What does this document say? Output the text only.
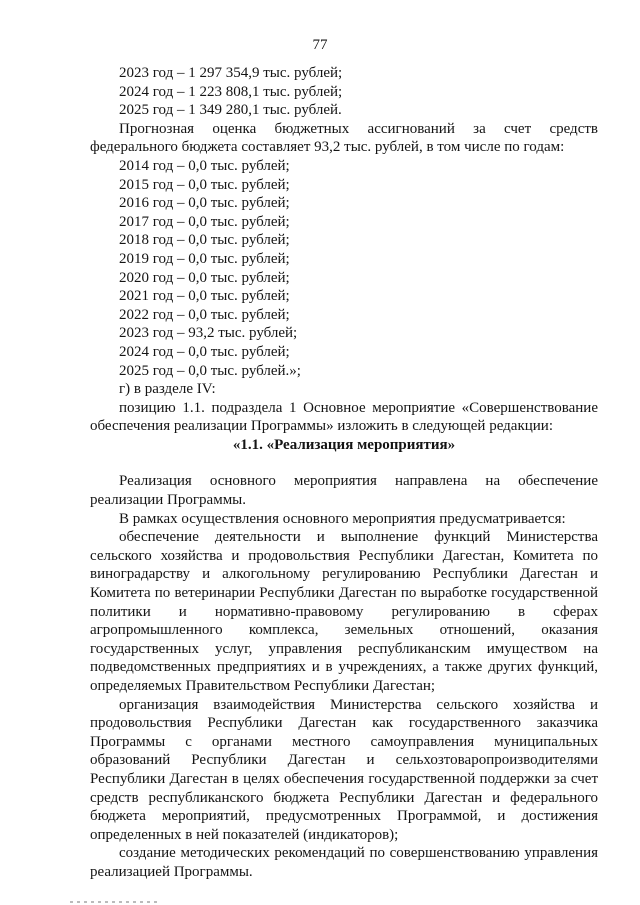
77

2023 год – 1 297 354,9 тыс. рублей;

2024 год – 1 223 808,1 тыс. рублей;

2025 год – 1 349 280,1 тыс. рублей.

Прогнозная оценка бюджетных ассигнований за счет средств федерального бюджета составляет 93,2 тыс. рублей, в том числе по годам:

2014 год – 0,0 тыс. рублей;

2015 год – 0,0 тыс. рублей;

2016 год – 0,0 тыс. рублей;

2017 год – 0,0 тыс. рублей;

2018 год – 0,0 тыс. рублей;

2019 год – 0,0 тыс. рублей;

2020 год – 0,0 тыс. рублей;

2021 год – 0,0 тыс. рублей;

2022 год – 0,0 тыс. рублей;

2023 год – 93,2 тыс. рублей;

2024 год – 0,0 тыс. рублей;

2025 год – 0,0 тыс. рублей.»;

г) в разделе IV:

позицию 1.1. подраздела 1 Основное мероприятие «Совершенствование обеспечения реализации Программы» изложить в следующей редакции:

«1.1. «Реализация мероприятия»

Реализация основного мероприятия направлена на обеспечение реализации Программы.

В рамках осуществления основного мероприятия предусматривается:

обеспечение деятельности и выполнение функций Министерства сельского хозяйства и продовольствия Республики Дагестан, Комитета по виноградарству и алкогольному регулированию Республики Дагестан и Комитета по ветеринарии Республики Дагестан по выработке государственной политики и нормативно-правовому регулированию в сферах агропромышленного комплекса, земельных отношений, оказания государственных услуг, управления республиканским имуществом на подведомственных предприятиях и в учреждениях, а также других функций, определяемых Правительством Республики Дагестан;

организация взаимодействия Министерства сельского хозяйства и продовольствия Республики Дагестан как государственного заказчика Программы с органами местного самоуправления муниципальных образований Республики Дагестан и сельхозтоваропроизводителями Республики Дагестан в целях обеспечения государственной поддержки за счет средств республиканского бюджета Республики Дагестан и федерального бюджета мероприятий, предусмотренных Программой, и достижения определенных в ней показателей (индикаторов);

создание методических рекомендаций по совершенствованию управления реализацией Программы.
